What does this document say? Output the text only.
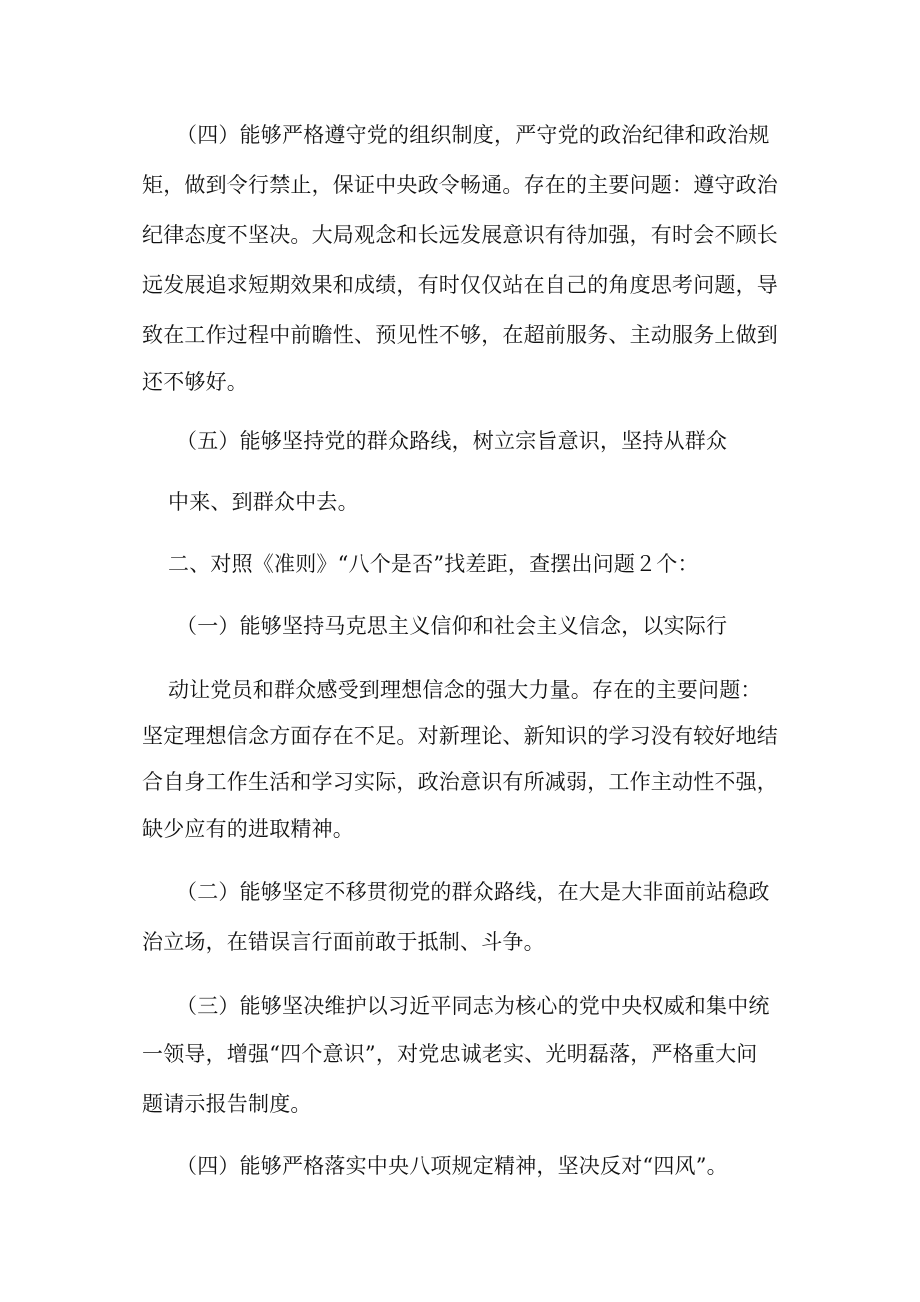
（四）能够严格遵守党的组织制度，严守党的政治纪律和政治规
矩，做到令行禁止，保证中央政令畅通。存在的主要问题：遵守政治
纪律态度不坚决。大局观念和长远发展意识有待加强，有时会不顾长
远发展追求短期效果和成绩，有时仅仅站在自己的角度思考问题，导
致在工作过程中前瞻性、预见性不够，在超前服务、主动服务上做到
还不够好。
（五）能够坚持党的群众路线，树立宗旨意识，坚持从群众
中来、到群众中去。
二、对照《准则》“八个是否”找差距，查摆出问题２个：
（一）能够坚持马克思主义信仰和社会主义信念，以实际行
动让党员和群众感受到理想信念的强大力量。存在的主要问题：
坚定理想信念方面存在不足。对新理论、新知识的学习没有较好地结
合自身工作生活和学习实际，政治意识有所减弱，工作主动性不强，
缺少应有的进取精神。
（二）能够坚定不移贯彻党的群众路线，在大是大非面前站稳政
治立场，在错误言行面前敢于抵制、斗争。
（三）能够坚决维护以习近平同志为核心的党中央权威和集中统
一领导，增强“四个意识”，对党忠诚老实、光明磊落，严格重大问
题请示报告制度。
（四）能够严格落实中央八项规定精神，坚决反对“四风”。
